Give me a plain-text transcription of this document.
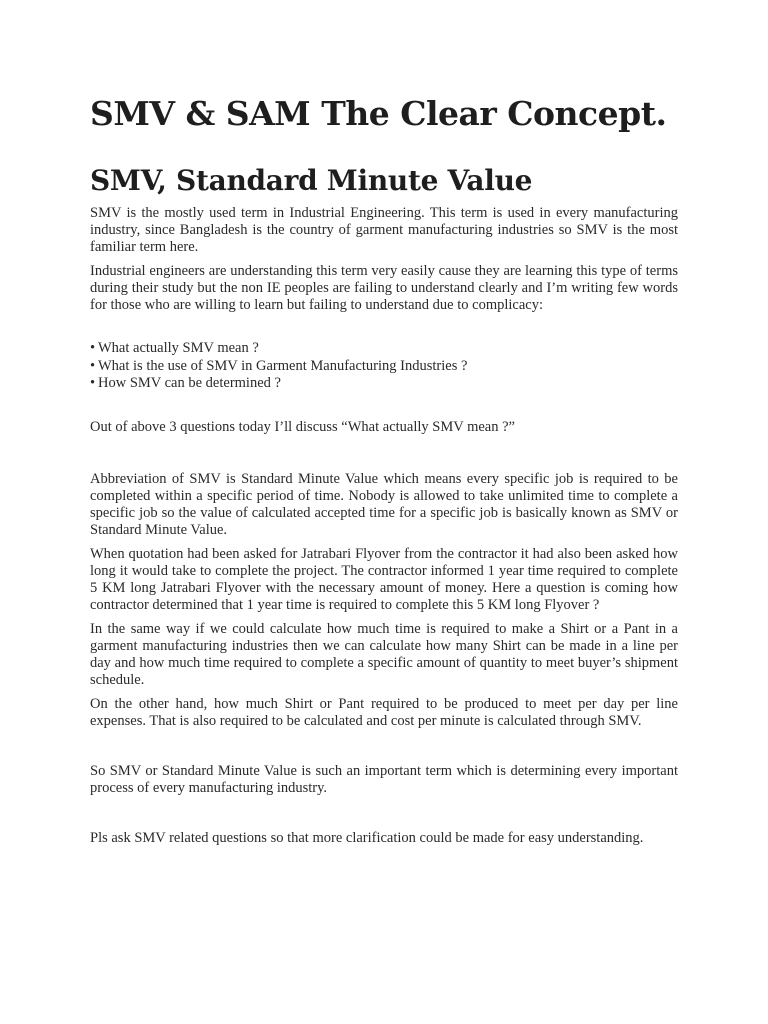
SMV & SAM The Clear Concept.
SMV, Standard Minute Value

SMV is the mostly used term in Industrial Engineering. This term is used in every manufacturing industry, since Bangladesh is the country of garment manufacturing industries so SMV is the most familiar term here.

Industrial engineers are understanding this term very easily cause they are learning this type of terms during their study but the non IE peoples are failing to understand clearly and I’m writing few words for those who are willing to learn but failing to understand due to complicacy:

• What actually SMV mean ?
• What is the use of SMV in Garment Manufacturing Industries ?
• How SMV can be determined ?

Out of above 3 questions today I’ll discuss “What actually SMV mean ?”

Abbreviation of SMV is Standard Minute Value which means every specific job is required to be completed within a specific period of time. Nobody is allowed to take unlimited time to complete a specific job so the value of calculated accepted time for a specific job is basically known as SMV or Standard Minute Value.

When quotation had been asked for Jatrabari Flyover from the contractor it had also been asked how long it would take to complete the project. The contractor informed 1 year time required to complete 5 KM long Jatrabari Flyover with the necessary amount of money. Here a question is coming how contractor determined that 1 year time is required to complete this 5 KM long Flyover ?

In the same way if we could calculate how much time is required to make a Shirt or a Pant in a garment manufacturing industries then we can calculate how many Shirt can be made in a line per day and how much time required to complete a specific amount of quantity to meet buyer’s shipment schedule.

On the other hand, how much Shirt or Pant required to be produced to meet per day per line expenses. That is also required to be calculated and cost per minute is calculated through SMV.

So SMV or Standard Minute Value is such an important term which is determining every important process of every manufacturing industry.

Pls ask SMV related questions so that more clarification could be made for easy understanding.
